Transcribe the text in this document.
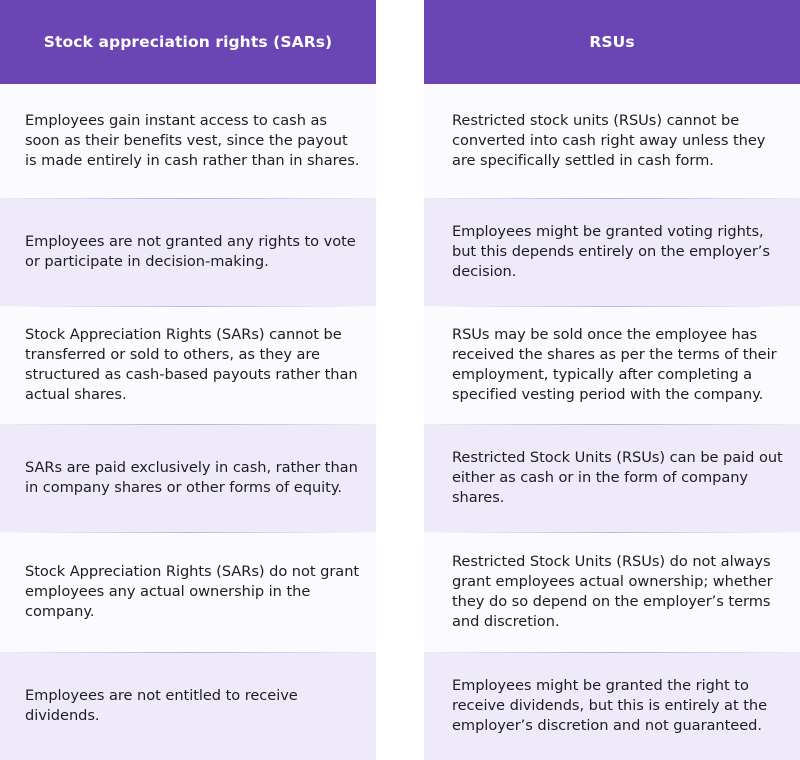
Stock appreciation rights (SARs)
Employees gain instant access to cash as soon as their benefits vest, since the payout is made entirely in cash rather than in shares.
Employees are not granted any rights to vote or participate in decision-making.
Stock Appreciation Rights (SARs) cannot be transferred or sold to others, as they are structured as cash-based payouts rather than actual shares.
SARs are paid exclusively in cash, rather than in company shares or other forms of equity.
Stock Appreciation Rights (SARs) do not grant employees any actual ownership in the company.
Employees are not entitled to receive dividends.
RSUs
Restricted stock units (RSUs) cannot be converted into cash right away unless they are specifically settled in cash form.
Employees might be granted voting rights, but this depends entirely on the employer’s decision.
RSUs may be sold once the employee has received the shares as per the terms of their employment, typically after completing a specified vesting period with the company.
Restricted Stock Units (RSUs) can be paid out either as cash or in the form of company shares.
Restricted Stock Units (RSUs) do not always grant employees actual ownership; whether they do so depend on the employer’s terms and discretion.
Employees might be granted the right to receive dividends, but this is entirely at the employer’s discretion and not guaranteed.
